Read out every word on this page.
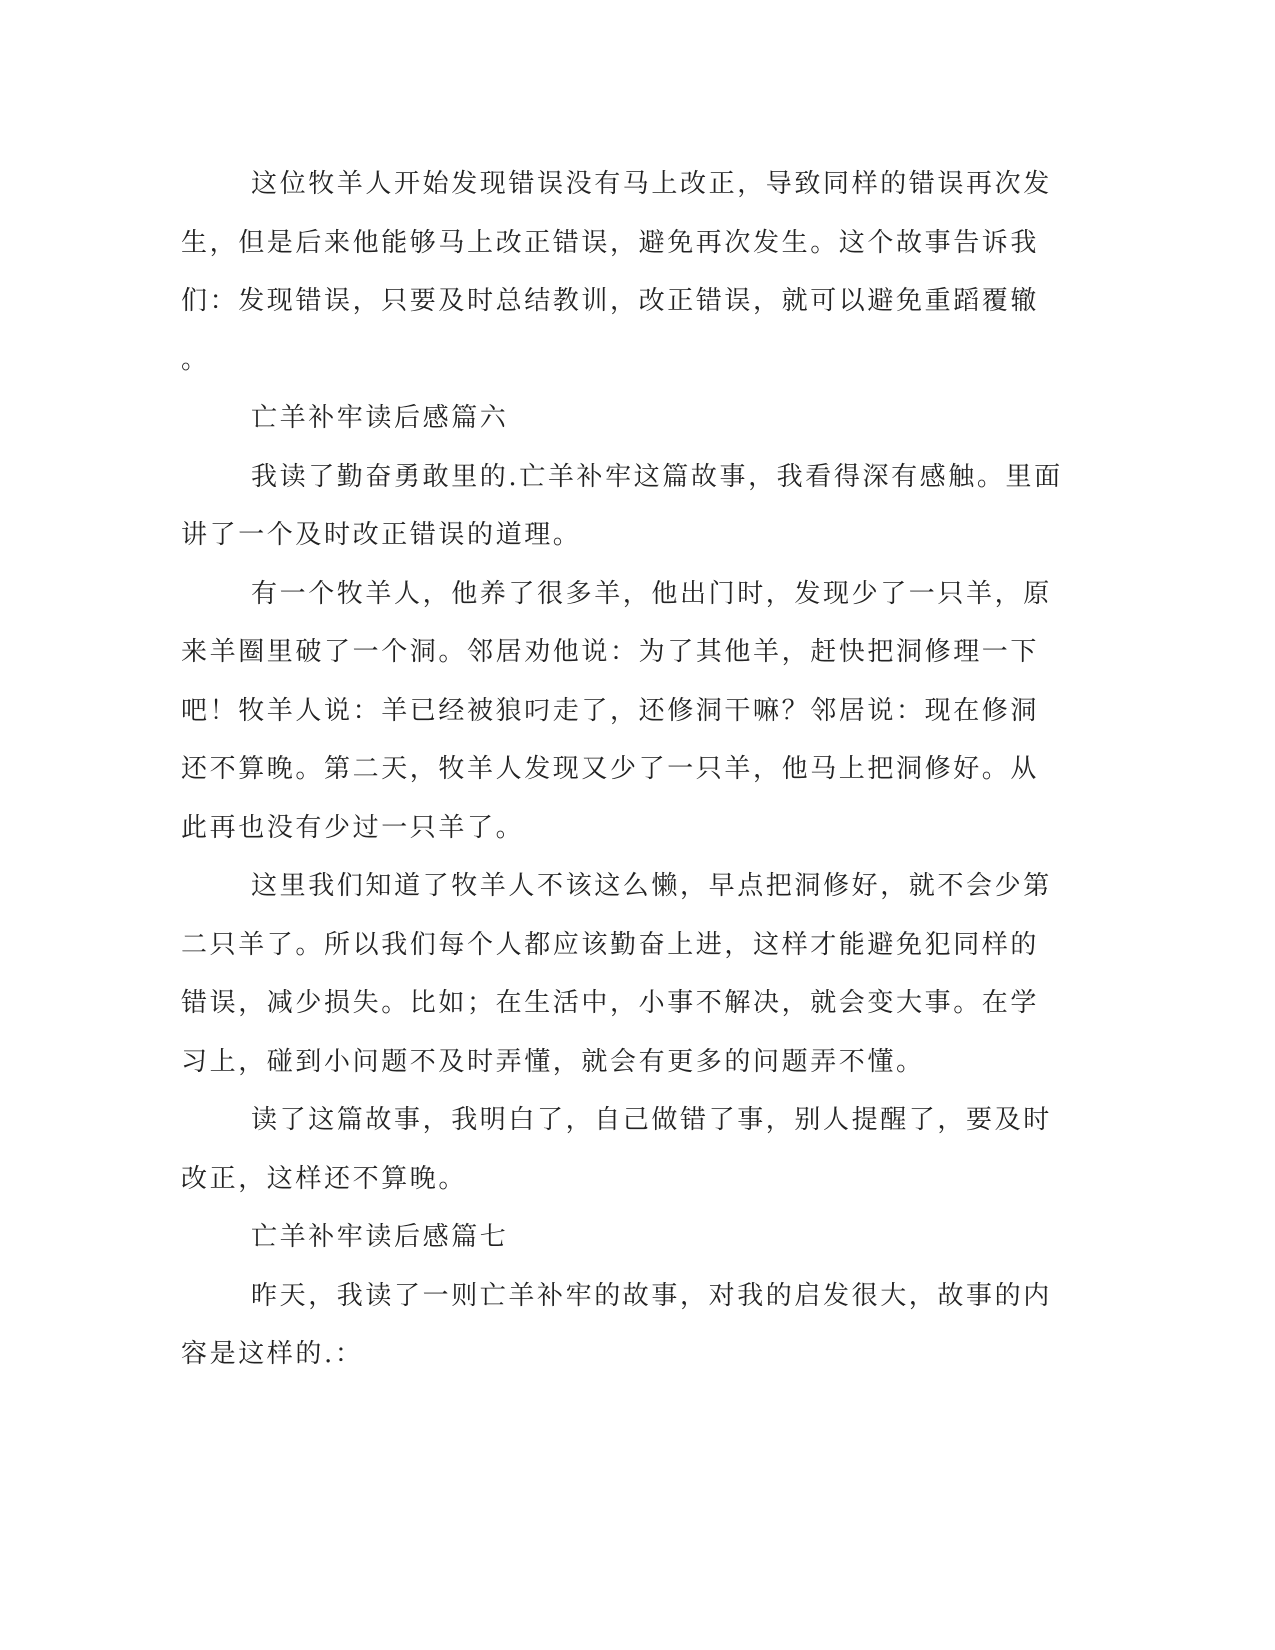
这位牧羊人开始发现错误没有马上改正，导致同样的错误再次发
生，但是后来他能够马上改正错误，避免再次发生。这个故事告诉我
们：发现错误，只要及时总结教训，改正错误，就可以避免重蹈覆辙
。
亡羊补牢读后感篇六
我读了勤奋勇敢里的.亡羊补牢这篇故事，我看得深有感触。里面
讲了一个及时改正错误的道理。
有一个牧羊人，他养了很多羊，他出门时，发现少了一只羊，原
来羊圈里破了一个洞。邻居劝他说：为了其他羊，赶快把洞修理一下
吧！牧羊人说：羊已经被狼叼走了，还修洞干嘛？邻居说：现在修洞
还不算晚。第二天，牧羊人发现又少了一只羊，他马上把洞修好。从
此再也没有少过一只羊了。
这里我们知道了牧羊人不该这么懒，早点把洞修好，就不会少第
二只羊了。所以我们每个人都应该勤奋上进，这样才能避免犯同样的
错误，减少损失。比如；在生活中，小事不解决，就会变大事。在学
习上，碰到小问题不及时弄懂，就会有更多的问题弄不懂。
读了这篇故事，我明白了，自己做错了事，别人提醒了，要及时
改正，这样还不算晚。
亡羊补牢读后感篇七
昨天，我读了一则亡羊补牢的故事，对我的启发很大，故事的内
容是这样的.：
